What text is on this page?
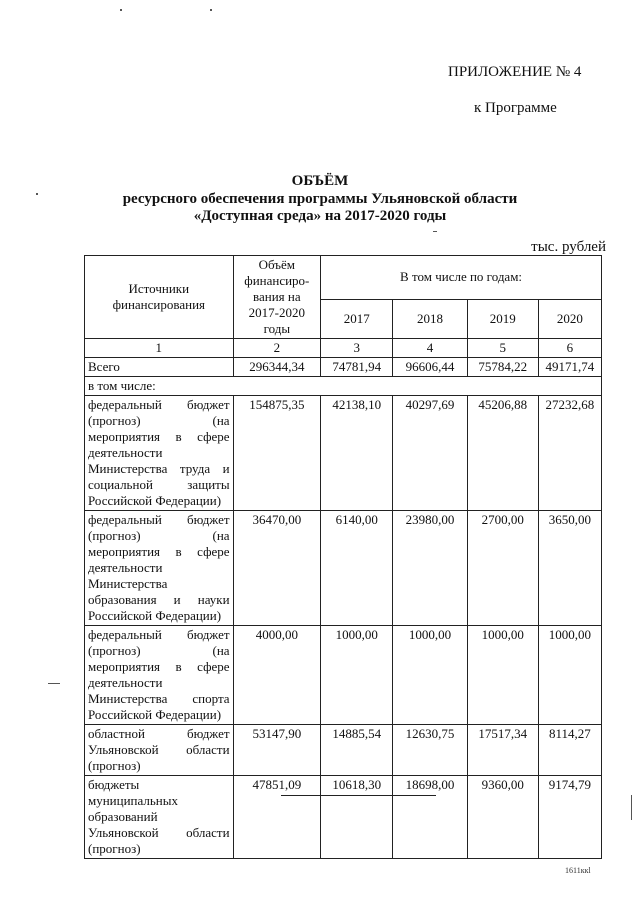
ПРИЛОЖЕНИЕ № 4
к Программе
ОБЪЁМ
ресурсного обеспечения программы Ульяновской области
«Доступная среда» на 2017-2020 годы
тыс. рублей
Источники финансирования	Объём финансиро-вания на 2017-2020 годы	В том числе по годам:			
		2017	2018	2019	2020
1	2	3	4	5	6
Всего	296344,34	74781,94	96606,44	75784,22	49171,74
в том числе:					
федеральный бюджет (прогноз) (на мероприятия в сфере деятельности Министерства труда и социальной защиты Российской Федерации)	154875,35	42138,10	40297,69	45206,88	27232,68
федеральный бюджет (прогноз) (на мероприятия в сфере деятельности Министерства образования и науки Российской Федерации)	36470,00	6140,00	23980,00	2700,00	3650,00
федеральный бюджет (прогноз) (на мероприятия в сфере деятельности Министерства спорта Российской Федерации)	4000,00	1000,00	1000,00	1000,00	1000,00
областной бюджет Ульяновской области (прогноз)	53147,90	14885,54	12630,75	17517,34	8114,27
бюджеты муниципальных образований Ульяновской области (прогноз)	47851,09	10618,30	18698,00	9360,00	9174,79
1611ккl
